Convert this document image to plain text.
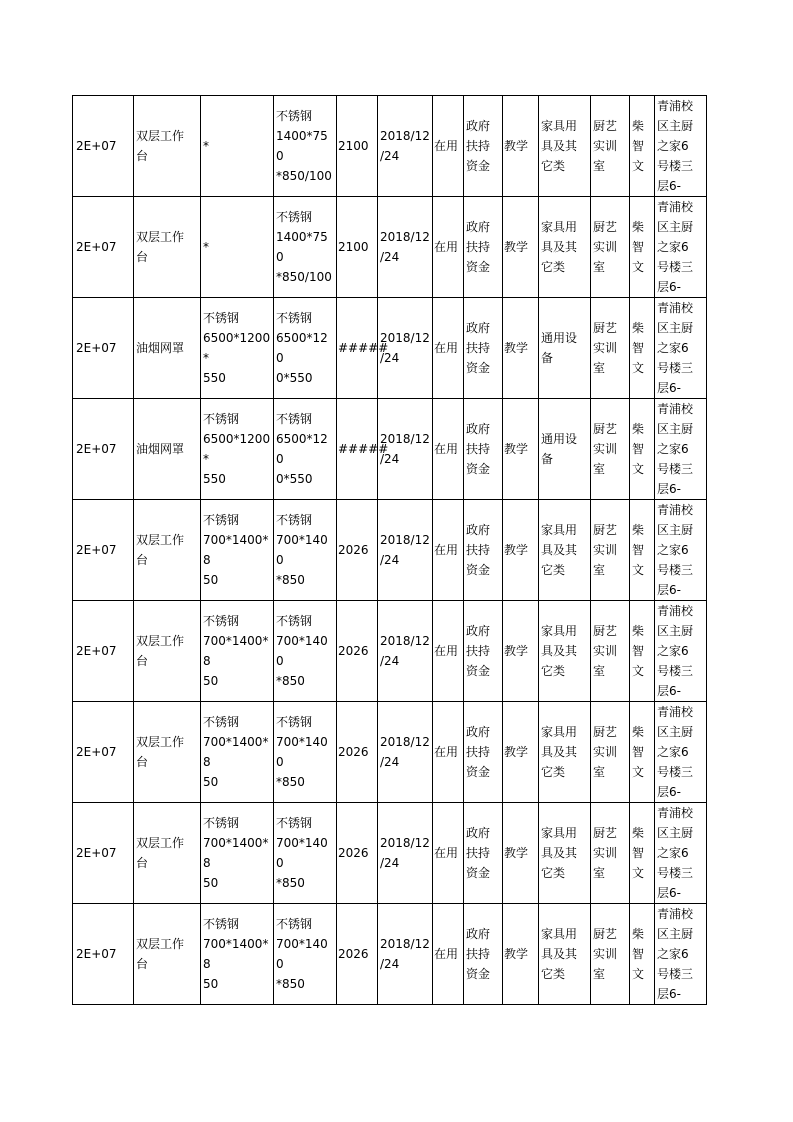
2E+07	双层工作
台	*	不锈钢
1400*750
*850/100	2100	2018/12
/24	在用	政府
扶持
资金	教学	家具用
具及其
它类	厨艺
实训
室	柴
智
文	青浦校
区主厨
之家6
号楼三
层6-

2E+07	双层工作
台	*	不锈钢
1400*750
*850/100	2100	2018/12
/24	在用	政府
扶持
资金	教学	家具用
具及其
它类	厨艺
实训
室	柴
智
文	青浦校
区主厨
之家6
号楼三
层6-

2E+07	油烟网罩	不锈钢
6500*1200*
550	不锈钢
6500*120
0*550	#####	2018/12
/24	在用	政府
扶持
资金	教学	通用设
备	厨艺
实训
室	柴
智
文	青浦校
区主厨
之家6
号楼三
层6-

2E+07	油烟网罩	不锈钢
6500*1200*
550	不锈钢
6500*120
0*550	#####	2018/12
/24	在用	政府
扶持
资金	教学	通用设
备	厨艺
实训
室	柴
智
文	青浦校
区主厨
之家6
号楼三
层6-

2E+07	双层工作
台	不锈钢
700*1400*8
50	不锈钢
700*1400
*850	2026	2018/12
/24	在用	政府
扶持
资金	教学	家具用
具及其
它类	厨艺
实训
室	柴
智
文	青浦校
区主厨
之家6
号楼三
层6-

2E+07	双层工作
台	不锈钢
700*1400*8
50	不锈钢
700*1400
*850	2026	2018/12
/24	在用	政府
扶持
资金	教学	家具用
具及其
它类	厨艺
实训
室	柴
智
文	青浦校
区主厨
之家6
号楼三
层6-

2E+07	双层工作
台	不锈钢
700*1400*8
50	不锈钢
700*1400
*850	2026	2018/12
/24	在用	政府
扶持
资金	教学	家具用
具及其
它类	厨艺
实训
室	柴
智
文	青浦校
区主厨
之家6
号楼三
层6-

2E+07	双层工作
台	不锈钢
700*1400*8
50	不锈钢
700*1400
*850	2026	2018/12
/24	在用	政府
扶持
资金	教学	家具用
具及其
它类	厨艺
实训
室	柴
智
文	青浦校
区主厨
之家6
号楼三
层6-

2E+07	双层工作
台	不锈钢
700*1400*8
50	不锈钢
700*1400
*850	2026	2018/12
/24	在用	政府
扶持
资金	教学	家具用
具及其
它类	厨艺
实训
室	柴
智
文	青浦校
区主厨
之家6
号楼三
层6-
